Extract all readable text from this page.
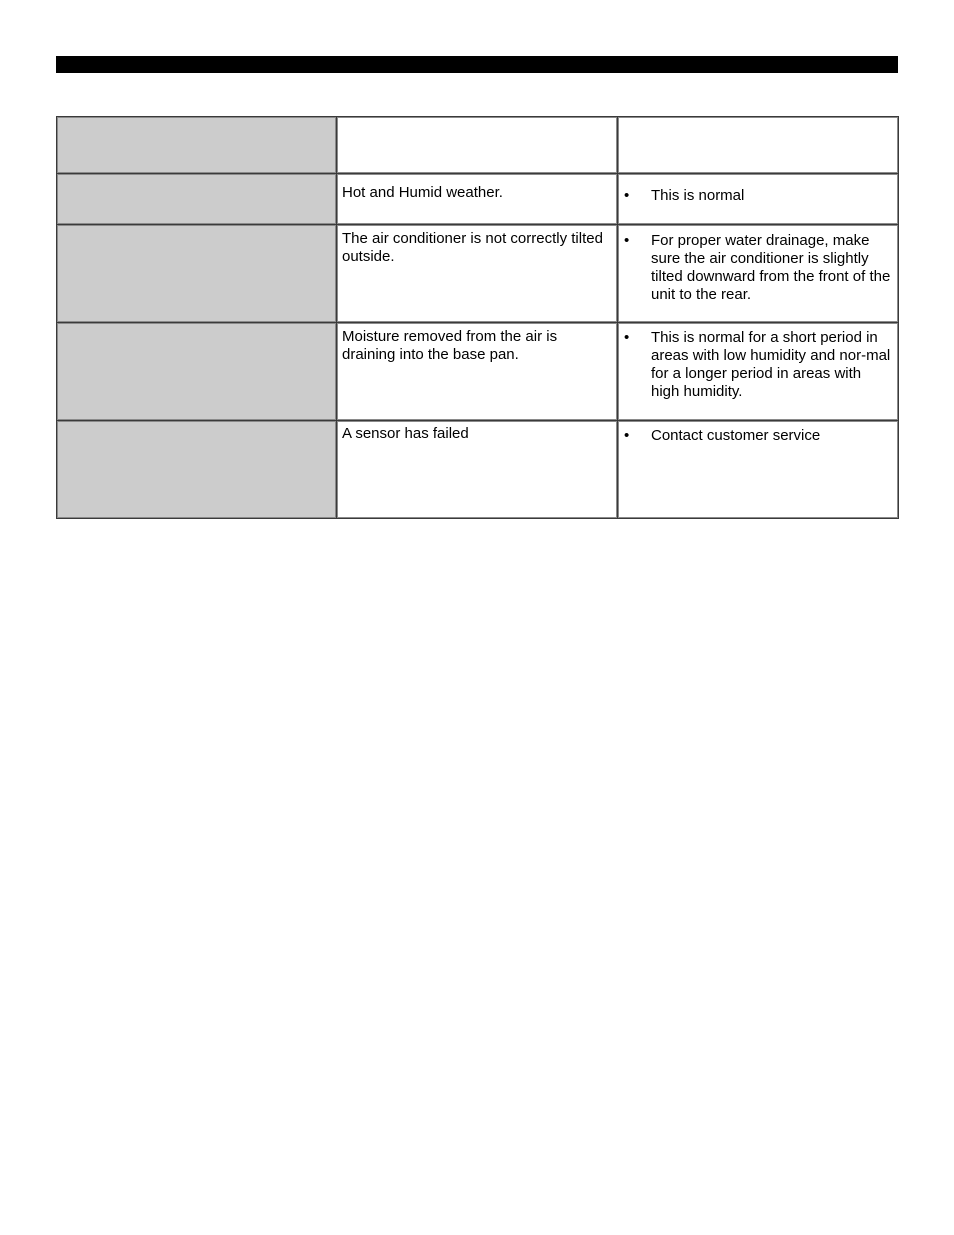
	Hot and Humid weather.	• This is normal

	The air conditioner is not correctly tilted outside.	• For proper water drainage, make sure the air conditioner is slightly tilted downward from the front of the unit to the rear.

	Moisture removed from the air is draining into the base pan.	• This is normal for a short period in areas with low humidity and nor-mal for a longer period in areas with high humidity.

	A sensor has failed	• Contact customer service
